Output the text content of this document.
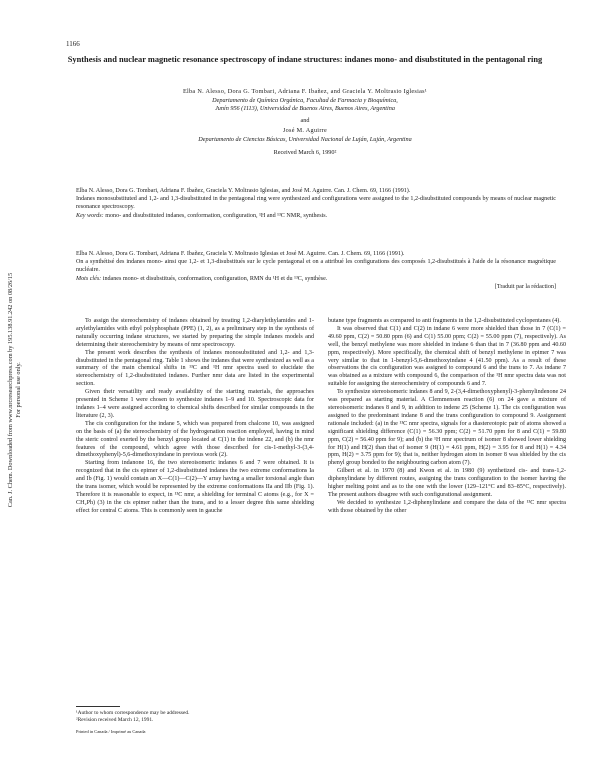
1166
Can. J. Chem. Downloaded from www.nrcresearchpress.com by 195.138.91.242 on 08/26/15 For personal use only.
Synthesis and nuclear magnetic resonance spectroscopy of indane structures: indanes mono- and disubstituted in the pentagonal ring
Elba N. Alesso, Dora G. Tombari, Adriana F. Ibañez, and Graciela Y. Moltrasio Iglesias¹
Departamento de Química Orgánica, Facultad de Farmacia y Bioquímica,
Junín 956 (1113), Universidad de Buenos Aires, Buenos Aires, Argentina
and
José M. Aguirre
Departamento de Ciencias Básicas, Universidad Nacional de Luján, Luján, Argentina
Received March 6, 1990²
Elba N. Alesso, Dora G. Tombari, Adriana F. Ibañez, Graciela Y. Moltrasio Iglesias, and José M. Aguirre. Can. J. Chem. 69, 1166 (1991).
Indanes monosubstituted and 1,2- and 1,3-disubstituted in the pentagonal ring were synthesized and configurations were assigned to the 1,2-disubstituted compounds by means of nuclear magnetic resonance spectroscopy.
Key words: mono- and disubstituted indanes, conformation, configuration, ¹H and ¹³C NMR, synthesis.
Elba N. Alesso, Dora G. Tombari, Adriana F. Ibañez, Graciela Y. Moltrasio Iglesias et José M. Aguirre. Can. J. Chem. 69, 1166 (1991).
On a synthétisé des indanes mono- ainsi que 1,2- et 1,3-disubstitués sur le cycle pentagonal et on a attribué les configurations des composés 1,2-disubstitués à l'aide de la résonance magnétique nucléaire.
Mots clés: indanes mono- et disubstitués, conformation, configuration, RMN du ¹H et du ¹³C, synthèse.
[Traduit par la rédaction]

To assign the stereochemistry of indanes obtained by treating 1,2-diarylethylamides and 1-arylethylamides with ethyl polyphosphate (PPE) (1, 2), as a preliminary step in the synthesis of naturally occurring indane structures, we started by preparing the simple indanes models and determining their stereochemistry by means of nmr spectroscopy.

The present work describes the synthesis of indanes monosubstituted and 1,2- and 1,3-disubstituted in the pentagonal ring. Table 1 shows the indanes that were synthesized as well as a summary of the main chemical shifts in ¹³C and ¹H nmr spectra used to elucidate the stereochemistry of 1,2-disubstituted indanes. Further nmr data are listed in the experimental section.

Given their versatility and ready availability of the starting materials, the approaches presented in Scheme 1 were chosen to synthesize indanes 1–9 and 10. Spectroscopic data for indanes 1–4 were assigned according to chemical shifts described for similar compounds in the literature (2, 3).

The cis configuration for the indane 5, which was prepared from chalcone 10, was assigned on the basis of (a) the stereochemistry of the hydrogenation reaction employed, having in mind the steric control exerted by the benzyl group located at C(1) in the indene 22, and (b) the nmr features of the compound, which agree with those described for cis-1-methyl-3-(3,4-dimethoxyphenyl)-5,6-dimethoxyindane in previous work (2).

Starting from indanone 16, the two stereoisomeric indanes 6 and 7 were obtained. It is recognized that in the cis epimer of 1,2-disubstituted indanes the two extreme conformations Ia and Ib (Fig. 1) would contain an X—C(1)—C(2)—Y array having a smaller torsional angle than the trans isomer, which would be represented by the extreme conformations IIa and IIb (Fig. 1). Therefore it is reasonable to expect, in ¹³C nmr, a shielding for terminal C atoms (e.g., for X = CH₂Ph) (3) in the cis epimer rather than the trans, and to a lesser degree this same shielding effect for central C atoms. This is commonly seen in gauche

butane type fragments as compared to anti fragments in the 1,2-disubstituted cyclopentanes (4).

It was observed that C(1) and C(2) in indane 6 were more shielded than those in 7 (C(1) = 49.60 ppm, C(2) = 50.80 ppm (6) and C(1) 55.00 ppm; C(2) = 55.00 ppm (7), respectively). As well, the benzyl methylene was more shielded in indane 6 than that in 7 (36.80 ppm and 40.60 ppm, respectively). More specifically, the chemical shift of benzyl methylene in epimer 7 was very similar to that in 1-benzyl-5,6-dimethoxyindane 4 (41.50 ppm). As a result of these observations the cis configuration was assigned to compound 6 and the trans to 7. As indane 7 was obtained as a mixture with compound 6, the comparison of the ¹H nmr spectra data was not suitable for assigning the stereochemistry of compounds 6 and 7.

To synthesize stereoisomeric indanes 8 and 9, 2-(3,4-dimethoxyphenyl)-3-phenylindenone 24 was prepared as starting material. A Clemmensen reaction (6) on 24 gave a mixture of stereoisomeric indanes 8 and 9, in addition to indene 25 (Scheme 1). The cis configuration was assigned to the predominant indane 8 and the trans configuration to compound 9. Assignment rationale included: (a) in the ¹³C nmr spectra, signals for a diastereotopic pair of atoms showed a significant shielding difference (C(1) = 56.30 ppm; C(2) = 51.70 ppm for 8 and C(1) = 59.80 ppm, C(2) = 56.40 ppm for 9); and (b) the ¹H nmr spectrum of isomer 8 showed lower shielding for H(1) and H(2) than that of isomer 9 (H(1) = 4.61 ppm, H(2) = 3.95 for 8 and H(1) = 4.34 ppm, H(2) = 3.75 ppm for 9); that is, neither hydrogen atom in isomer 8 was shielded by the cis phenyl group bonded to the neighbouring carbon atom (7).

Gilbert et al. in 1970 (8) and Kwon et al. in 1980 (9) synthetized cis- and trans-1,2-diphenylindane by different routes, assigning the trans configuration to the isomer having the higher melting point and as to the one with the lower (129–121°C and 83–85°C, respectively). The present authors disagree with such configurational assignment.

We decided to synthesize 1,2-diphenylindane and compare the data of the ¹³C nmr spectra with those obtained by the other

¹Author to whom correspondence may be addressed.
²Revision received March 12, 1991.
Printed in Canada / Imprimé au Canada
